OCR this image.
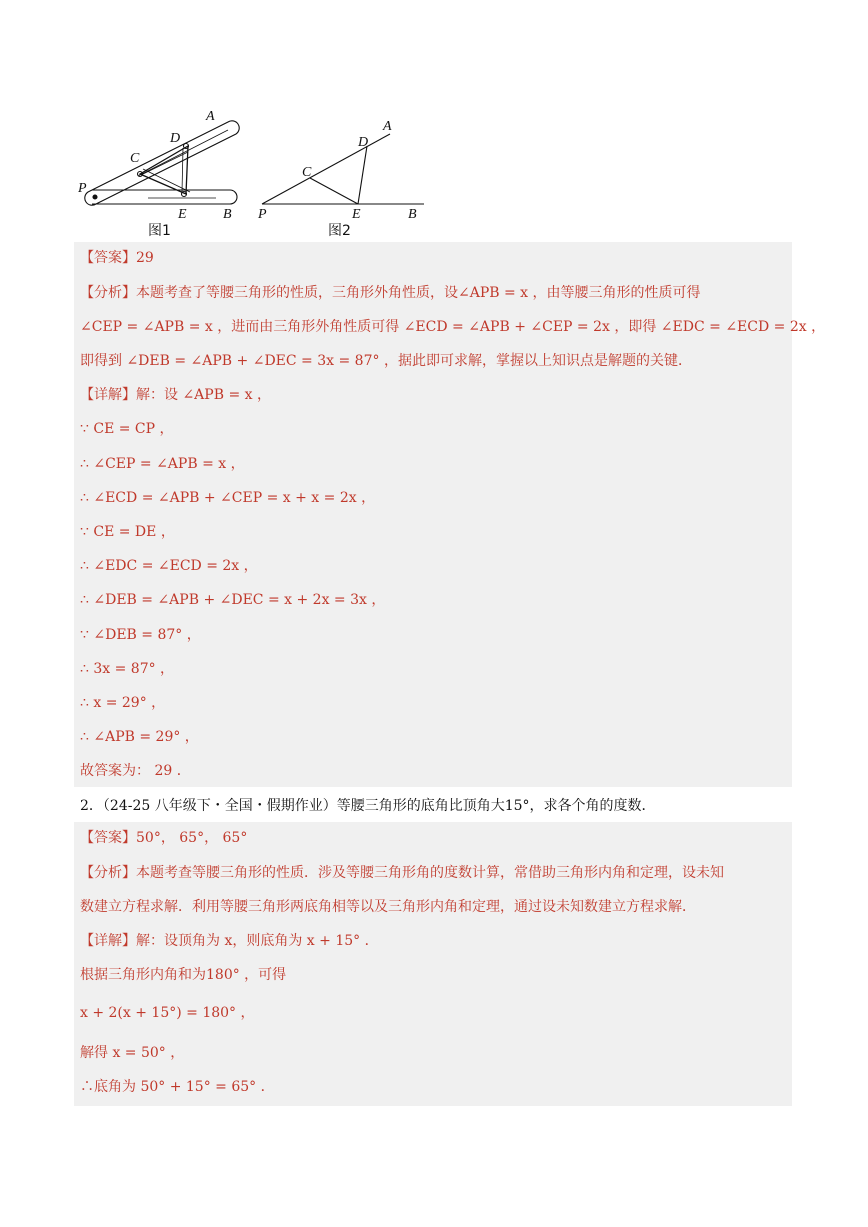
P
A
D
C
E	B P
A
D
C
E	B
图1	图2
【答案】29
【分析】本题考查了等腰三角形的性质，三角形外角性质，设∠APB = x ，由等腰三角形的性质可得
∠CEP = ∠APB = x ，进而由三角形外角性质可得 ∠ECD = ∠APB + ∠CEP = 2x ，即得 ∠EDC = ∠ECD = 2x ，
即得到 ∠DEB = ∠APB + ∠DEC = 3x = 87° ，据此即可求解，掌握以上知识点是解题的关键．
【详解】解：设 ∠APB = x ，
∵ CE = CP ，
∴ ∠CEP = ∠APB = x ，
∴ ∠ECD = ∠APB + ∠CEP = x + x = 2x ，
∵ CE = DE ，
∴ ∠EDC = ∠ECD = 2x ，
∴ ∠DEB = ∠APB + ∠DEC = x + 2x = 3x ，
∵ ∠DEB = 87° ，
∴ 3x = 87° ，
∴ x = 29° ，
∴ ∠APB = 29° ，
故答案为： 29 ．
2．（24-25 八年级下・全国・假期作业）等腰三角形的底角比顶角大15°，求各个角的度数．
【答案】50°， 65°， 65°
【分析】本题考查等腰三角形的性质．涉及等腰三角形角的度数计算，常借助三角形内角和定理，设未知
数建立方程求解．利用等腰三角形两底角相等以及三角形内角和定理，通过设未知数建立方程求解．
【详解】解：设顶角为 x，则底角为 x + 15° ．
根据三角形内角和为180° ，可得
x + 2(x + 15°) = 180° ，
解得 x = 50° ，
∴底角为 50° + 15° = 65° ．
